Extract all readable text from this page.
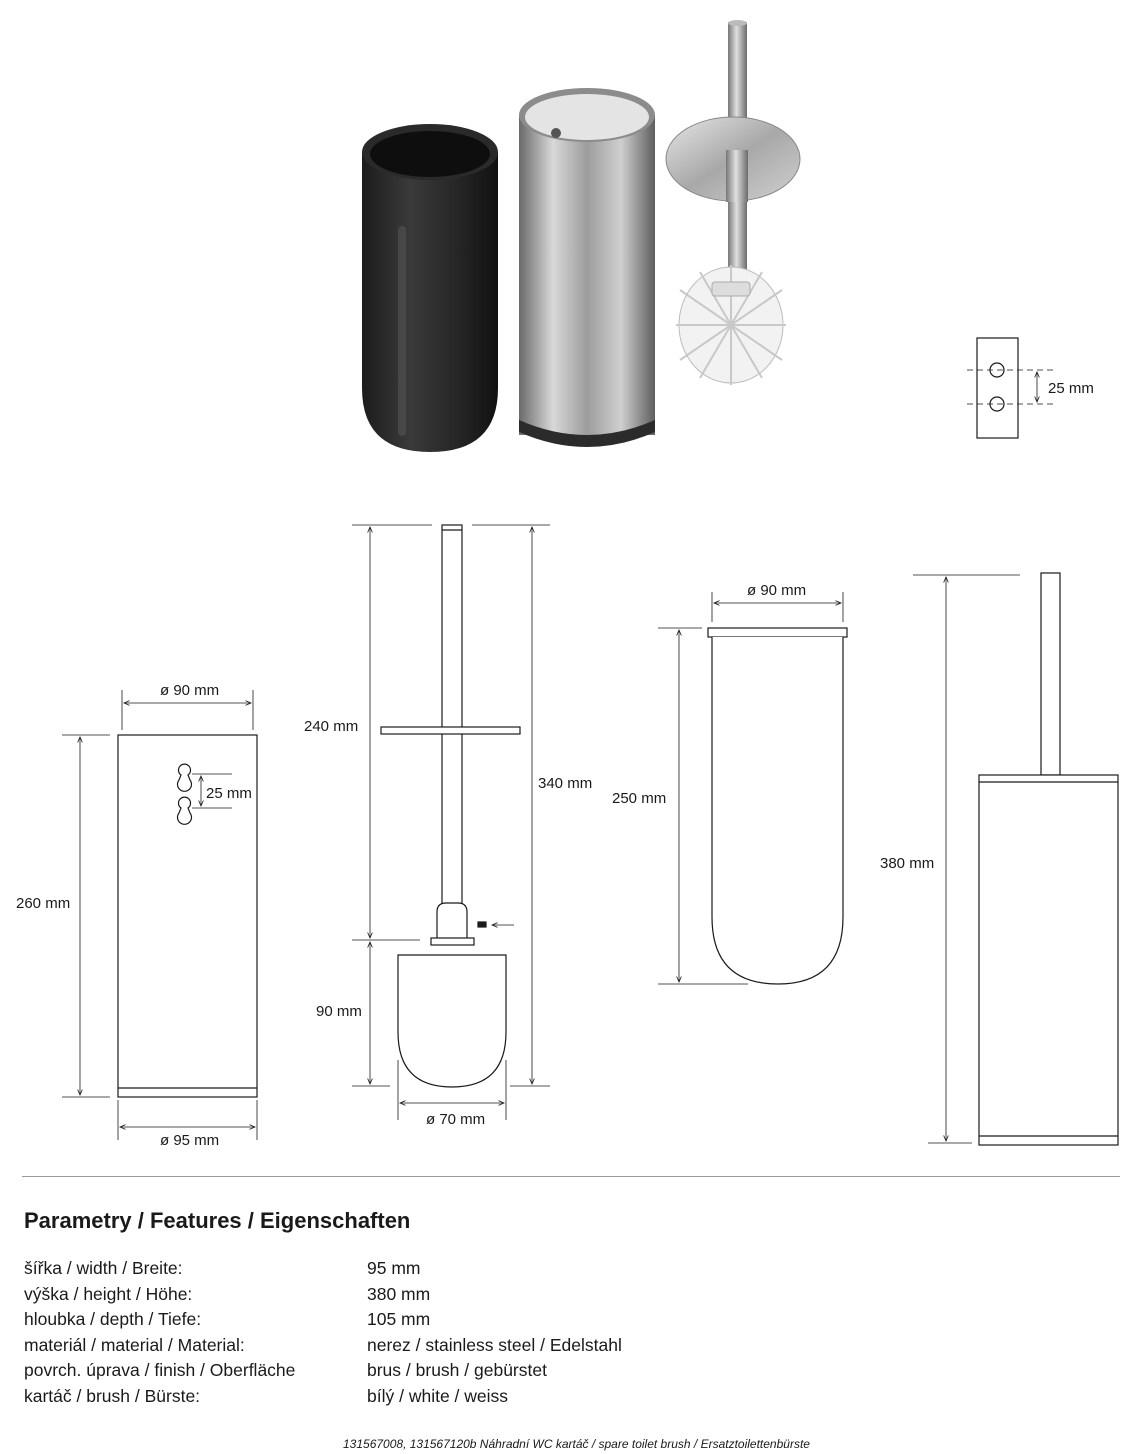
25 mm
ø 90 mm
25 mm
260 mm
ø 95 mm
240 mm
340 mm
90 mm
ø 70 mm
ø 90 mm
250 mm
380 mm
Parametry / Features / Eigenschaften
šířka / width / Breite:	95 mm
výška / height / Höhe:	380 mm
hloubka / depth / Tiefe:	105 mm
materiál / material / Material:	nerez / stainless steel / Edelstahl
povrch. úprava / finish / Oberfläche	brus / brush / gebürstet
kartáč / brush / Bürste:	bílý / white / weiss
131567008, 131567120b Náhradní WC kartáč / spare toilet brush / Ersatztoilettenbürste
